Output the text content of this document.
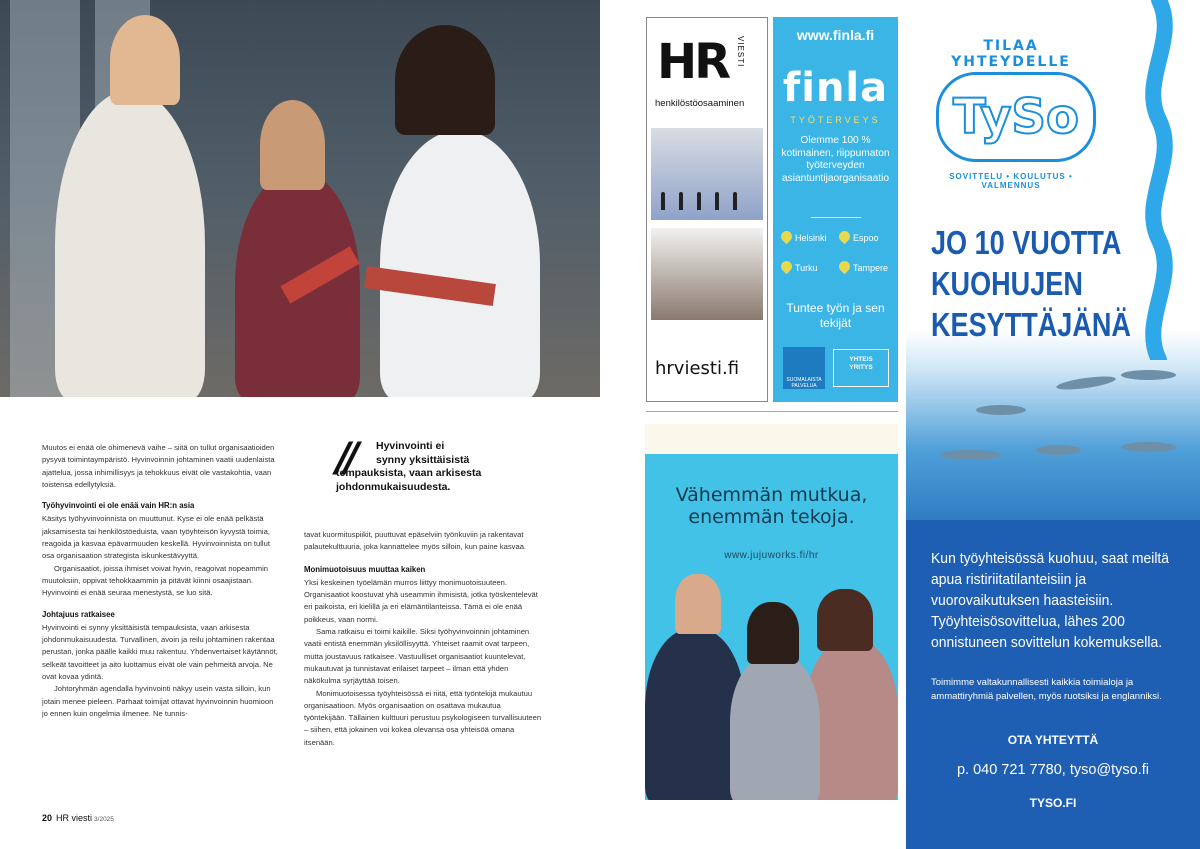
Muutos ei enää ole ohimenevä vaihe – siitä on tullut organisaatioiden pysyvä toimintaympäristö. Hyvinvoinnin johtaminen vaatii uudenlaista ajattelua, jossa inhimillisyys ja tehokkuus eivät ole vastakohtia, vaan toistensa edellytyksiä.

Työhyvinvointi ei ole enää vain HR:n asia

Käsitys työhyvinvoinnista on muuttunut. Kyse ei ole enää pelkästä jaksamisesta tai henkilöstöeduista, vaan työyhteisön kyvystä toimia, reagoida ja kasvaa epävarmuuden keskellä. Hyvinvoinnista on tullut osa organisaation strategista iskunkestävyyttä.

Organisaatiot, joissa ihmiset voivat hyvin, reagoivat nopeammin muutoksiin, oppivat tehokkaammin ja pitävät kiinni osaajistaan. Hyvinvointi ei enää seuraa menestystä, se luo sitä.

Johtajuus ratkaisee

Hyvinvointi ei synny yksittäisistä tempauksista, vaan arkisesta johdonmukaisuudesta. Turvallinen, avoin ja reilu johtaminen rakentaa perustan, jonka päälle kaikki muu rakentuu. Yhdenvertaiset käytännöt, selkeät tavoitteet ja aito luottamus eivät ole vain pehmeitä arvoja. Ne ovat kovaa ydintä.

Johtoryhmän agendalla hyvinvointi näkyy usein vasta silloin, kun jotain menee pieleen. Parhaat toimijat ottavat hyvinvoinnin huomioon jo ennen kuin ongelmia ilmenee. Ne tunnis-

// Hyvinvointi ei
synny yksittäisistä
tempauksista, vaan arkisesta
johdonmukaisuudesta.

tavat kuormituspiikit, puuttuvat epäselviin työnkuviin ja rakentavat palautekulttuuria, joka kannattelee myös silloin, kun paine kasvaa.

Monimuotoisuus muuttaa kaiken

Yksi keskeinen työelämän murros liittyy monimuotoisuuteen. Organisaatiot koostuvat yhä useammin ihmisistä, jotka työskentelevät eri paikoista, eri kielillä ja eri elämäntilanteissa. Tämä ei ole enää poikkeus, vaan normi.

Sama ratkaisu ei toimi kaikille. Siksi työhyvinvoinnin johtaminen vaatii entistä enemmän yksilöllisyyttä. Yhteiset raamit ovat tarpeen, mutta joustavuus ratkaisee. Vastuulliset organisaatiot kuuntelevat, mukautuvat ja tunnistavat erilaiset tarpeet – ilman että yhden näkökulma syrjäyttää toisen.

Monimuotoisessa työyhteisössä ei riitä, että työntekijä mukautuu organisaatioon. Myös organisaation on osattava mukautua työntekijään. Tällainen kulttuuri perustuu psykologiseen turvallisuuteen – siihen, että jokainen voi kokea olevansa osa yhteisöä omana itsenään.

20 HR viesti 3/2025
HR VIESTI
henkilöstöosaaminen
hrviesti.fi
www.finla.fi
finla
TYÖTERVEYS
Olemme 100 % kotimainen, riippumaton työterveyden asiantuntijaorganisaatio
Helsinki	Espoo
Turku	Tampere
Tuntee työn ja sen tekijät
SUOMALAISTA PALVELUA
YHTEIS
YRITYS
Vähemmän mutkua,
enemmän tekoja.
www.jujuworks.fi/hr
TILAA YHTEYDELLE
TySo
SOVITTELU • KOULUTUS • VALMENNUS
JO 10 VUOTTA
KUOHUJEN
KESYTTÄJÄNÄ
Kun työyhteisössä kuohuu, saat meiltä apua ristiriitatilanteisiin ja vuorovaikutuksen haasteisiin. Työyhteisösovittelua, lähes 200 onnistuneen sovittelun kokemuksella.
Toimimme valtakunnallisesti kaikkia toimialoja ja ammattiryhmiä palvellen, myös ruotsiksi ja englanniksi.
OTA YHTEYTTÄ
p. 040 721 7780, tyso@tyso.fi
TYSO.FI
